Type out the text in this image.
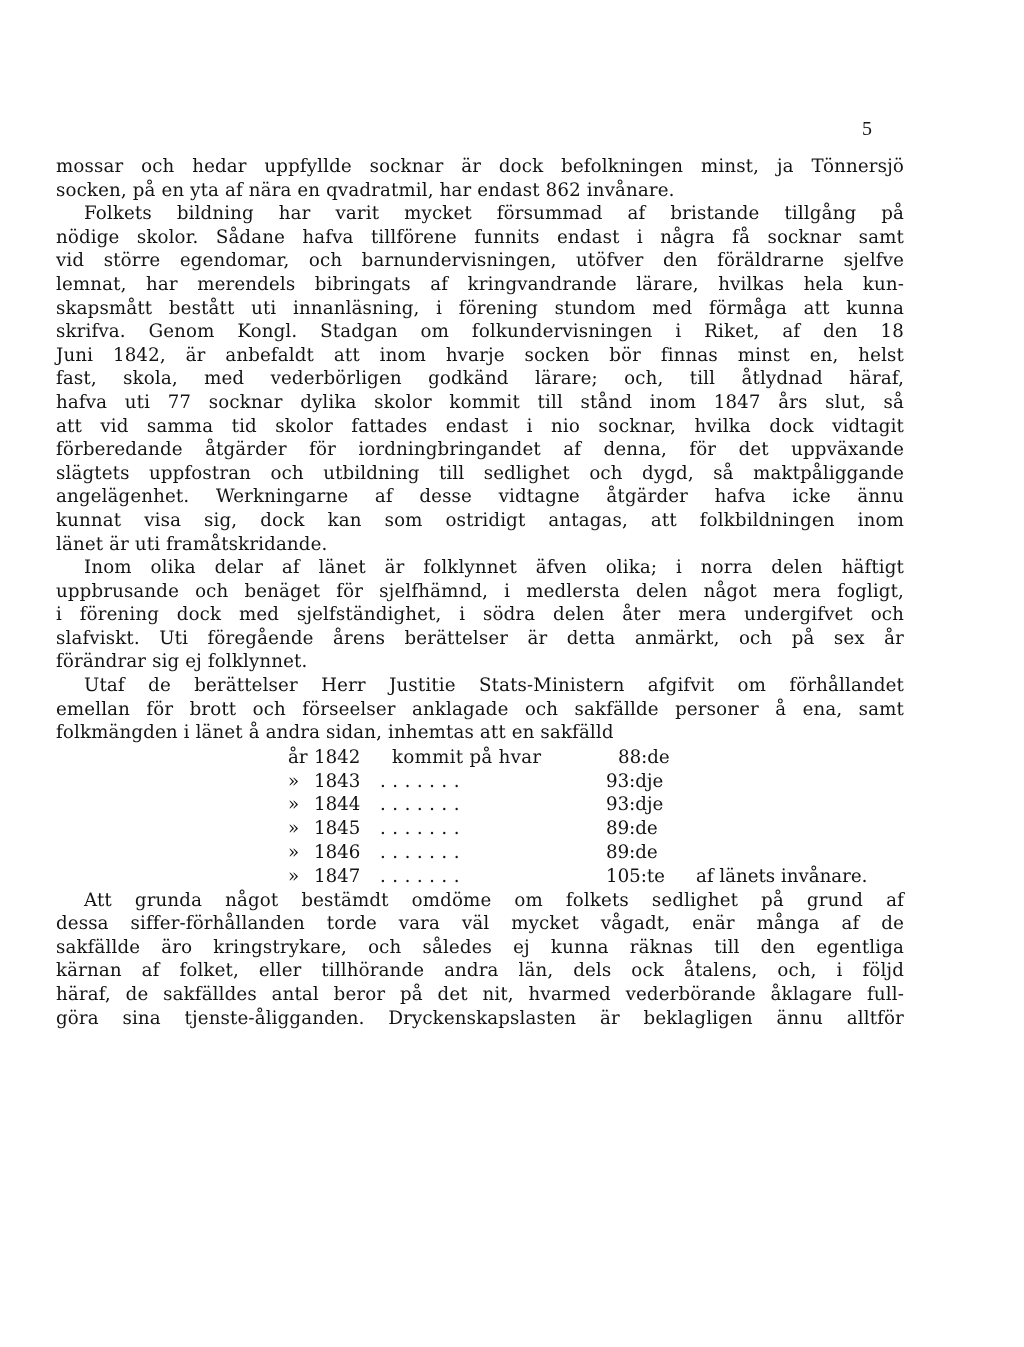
5
mossar och hedar uppfyllde socknar är dock befolkningen minst, ja Tönnersjö
socken, på en yta af nära en qvadratmil, har endast 862 invånare.
Folkets bildning har varit mycket försummad af bristande tillgång på
nödige skolor. Sådane hafva tillförene funnits endast i några få socknar samt
vid större egendomar, och barnundervisningen, utöfver den föräldrarne sjelfve
lemnat, har merendels bibringats af kringvandrande lärare, hvilkas hela kun-
skapsmått bestått uti innanläsning, i förening stundom med förmåga att kunna
skrifva. Genom Kongl. Stadgan om folkundervisningen i Riket, af den 18
Juni 1842, är anbefaldt att inom hvarje socken bör finnas minst en, helst
fast, skola, med vederbörligen godkänd lärare; och, till åtlydnad häraf,
hafva uti 77 socknar dylika skolor kommit till stånd inom 1847 års slut, så
att vid samma tid skolor fattades endast i nio socknar, hvilka dock vidtagit
förberedande åtgärder för iordningbringandet af denna, för det uppväxande
slägtets uppfostran och utbildning till sedlighet och dygd, så maktpåliggande
angelägenhet. Werkningarne af desse vidtagne åtgärder hafva icke ännu
kunnat visa sig, dock kan som ostridigt antagas, att folkbildningen inom
länet är uti framåtskridande.
Inom olika delar af länet är folklynnet äfven olika; i norra delen häftigt
uppbrusande och benäget för sjelfhämnd, i medlersta delen något mera fogligt,
i förening dock med sjelfständighet, i södra delen åter mera undergifvet och
slafviskt. Uti föregående årens berättelser är detta anmärkt, och på sex år
förändrar sig ej folklynnet.
Utaf de berättelser Herr Justitie Stats-Ministern afgifvit om förhållandet
emellan för brott och förseelser anklagade och sakfällde personer å ena, samt
folkmängden i länet å andra sidan, inhemtas att en sakfälld
år 1842	kommit på hvar	88:de
» 1843	.......	93:dje
» 1844	.......	93:dje
» 1845	.......	89:de
» 1846	.......	89:de
» 1847	.......	105:te	af länets invånare.
Att grunda något bestämdt omdöme om folkets sedlighet på grund af
dessa siffer-förhållanden torde vara väl mycket vågadt, enär många af de
sakfällde äro kringstrykare, och således ej kunna räknas till den egentliga
kärnan af folket, eller tillhörande andra län, dels ock åtalens, och, i följd
häraf, de sakfälldes antal beror på det nit, hvarmed vederbörande åklagare full-
göra sina tjenste-åligganden. Dryckenskapslasten är beklagligen ännu alltför
